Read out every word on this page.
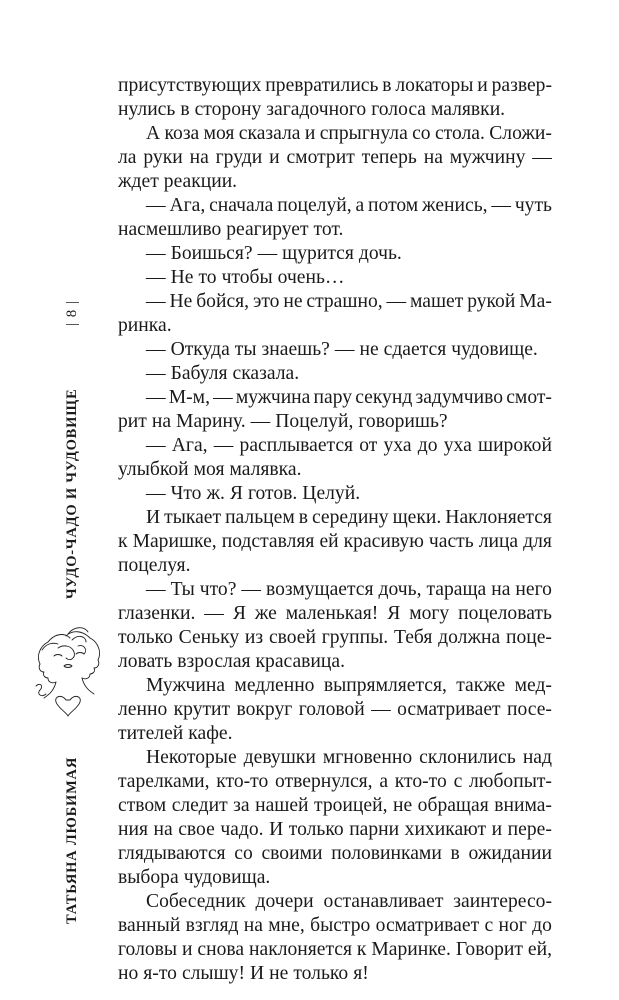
присутствующих превратились в локаторы и развер-
нулись в сторону загадочного голоса малявки.
А коза моя сказала и спрыгнула со стола. Сложи-
ла руки на груди и смотрит теперь на мужчину —
ждет реакции.
— Ага, сначала поцелуй, а потом женись, — чуть
насмешливо реагирует тот.
— Боишься? — щурится дочь.
— Не то чтобы очень…
— Не бойся, это не страшно, — машет рукой Ма-
ринка.
— Откуда ты знаешь? — не сдается чудовище.
— Бабуля сказала.
— М-м, — мужчина пару секунд задумчиво смот-
рит на Марину. — Поцелуй, говоришь?
— Ага, — расплывается от уха до уха широкой
улыбкой моя малявка.
— Что ж. Я готов. Целуй.
И тыкает пальцем в середину щеки. Наклоняется
к Маришке, подставляя ей красивую часть лица для
поцелуя.
— Ты что? — возмущается дочь, тараща на него
глазенки. — Я же маленькая! Я могу поцеловать
только Сеньку из своей группы. Тебя должна поце-
ловать взрослая красавица.
Мужчина медленно выпрямляется, также мед-
ленно крутит вокруг головой — осматривает посе-
тителей кафе.
Некоторые девушки мгновенно склонились над
тарелками, кто-то отвернулся, а кто-то с любопыт-
ством следит за нашей троицей, не обращая внима-
ния на свое чадо. И только парни хихикают и пере-
глядываются со своими половинками в ожидании
выбора чудовища.
Собеседник дочери останавливает заинтересо-
ванный взгляд на мне, быстро осматривает с ног до
головы и снова наклоняется к Маринке. Говорит ей,
но я-то слышу! И не только я!
| 8 |
ЧУДО-ЧАДО И ЧУДОВИЩЕ
ТАТЬЯНА ЛЮБИМАЯ
